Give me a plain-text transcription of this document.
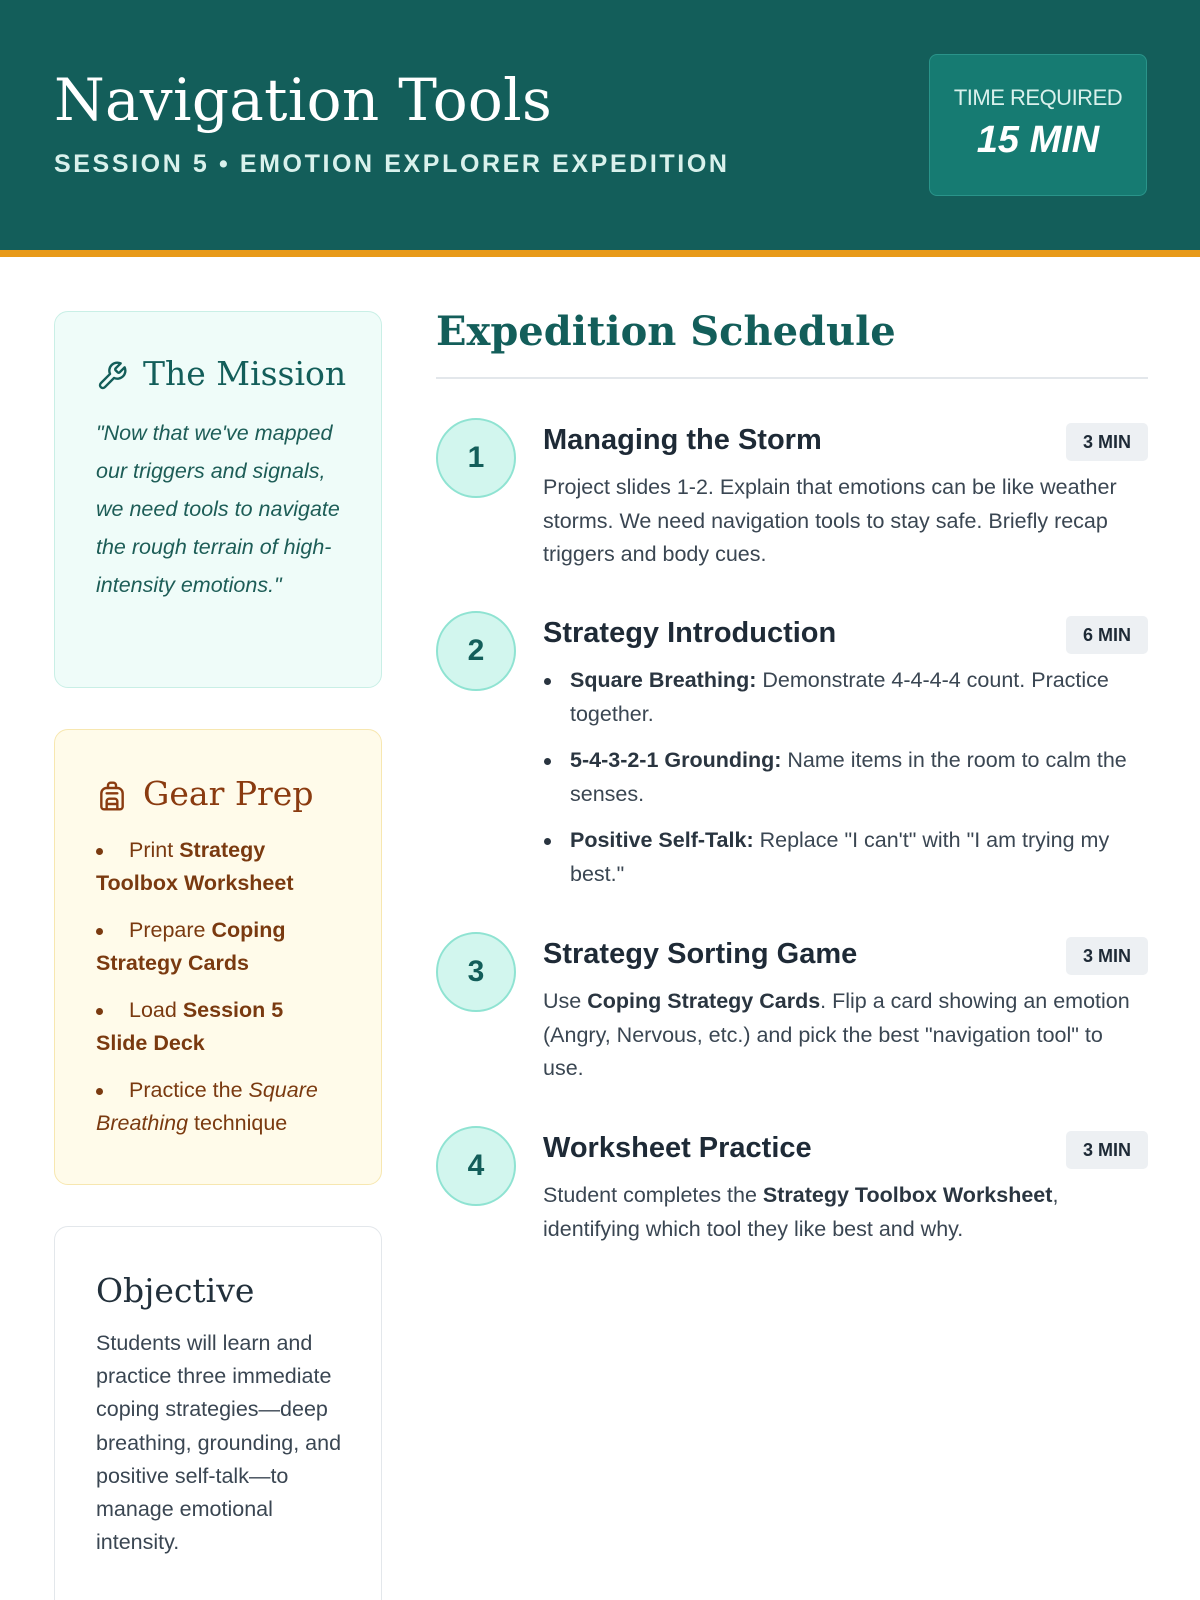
Navigation Tools
SESSION 5 • EMOTION EXPLORER EXPEDITION
TIME REQUIRED
15 MIN
The Mission

"Now that we've mapped our triggers and signals, we need tools to navigate the rough terrain of high-intensity emotions."

Gear Prep
Print Strategy
Toolbox Worksheet
Prepare Coping
Strategy Cards
Load Session 5
Slide Deck
Practice the Square
Breathing technique
Objective

Students will learn and practice three immediate coping strategies—deep breathing, grounding, and positive self-talk—to manage emotional intensity.

Expedition Schedule
1
Managing the Storm	3 MIN

Project slides 1-2. Explain that emotions can be like weather storms. We need navigation tools to stay safe. Briefly recap triggers and body cues.

2
Strategy Introduction	6 MIN
Square Breathing: Demonstrate 4-4-4-4 count. Practice together.
5-4-3-2-1 Grounding: Name items in the room to calm the senses.
Positive Self-Talk: Replace "I can't" with "I am trying my best."
3
Strategy Sorting Game	3 MIN

Use Coping Strategy Cards. Flip a card showing an emotion (Angry, Nervous, etc.) and pick the best "navigation tool" to use.

4
Worksheet Practice	3 MIN

Student completes the Strategy Toolbox Worksheet, identifying which tool they like best and why.
